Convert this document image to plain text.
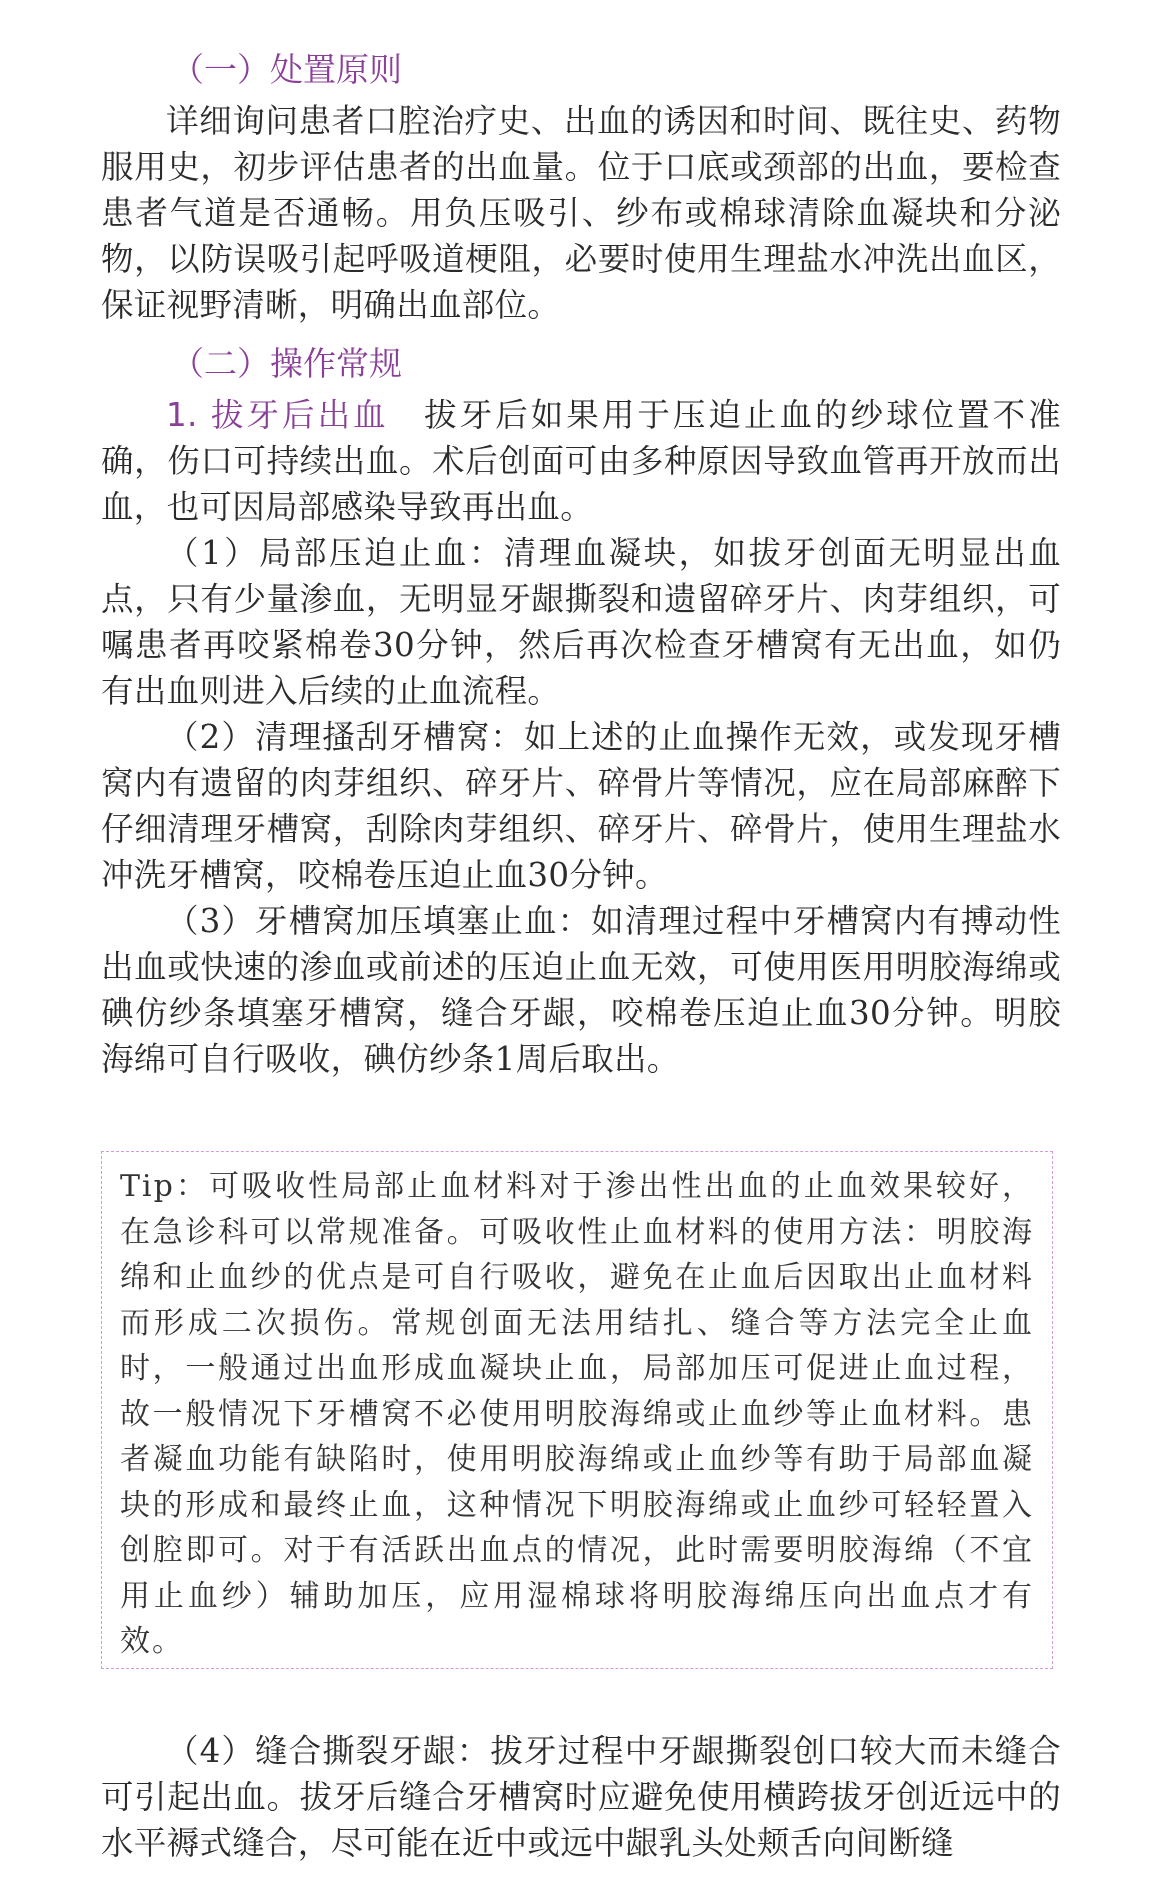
（一）处置原则

详细询问患者口腔治疗史、出血的诱因和时间、既往史、药物服用史，初步评估患者的出血量。位于口底或颈部的出血，要检查患者气道是否通畅。用负压吸引、纱布或棉球清除血凝块和分泌物，以防误吸引起呼吸道梗阻，必要时使用生理盐水冲洗出血区，保证视野清晰，明确出血部位。

（二）操作常规

1. 拔牙后出血　拔牙后如果用于压迫止血的纱球位置不准确，伤口可持续出血。术后创面可由多种原因导致血管再开放而出血，也可因局部感染导致再出血。

（1）局部压迫止血：清理血凝块，如拔牙创面无明显出血点，只有少量渗血，无明显牙龈撕裂和遗留碎牙片、肉芽组织，可嘱患者再咬紧棉卷30分钟，然后再次检查牙槽窝有无出血，如仍有出血则进入后续的止血流程。

（2）清理搔刮牙槽窝：如上述的止血操作无效，或发现牙槽窝内有遗留的肉芽组织、碎牙片、碎骨片等情况，应在局部麻醉下仔细清理牙槽窝，刮除肉芽组织、碎牙片、碎骨片，使用生理盐水冲洗牙槽窝，咬棉卷压迫止血30分钟。

（3）牙槽窝加压填塞止血：如清理过程中牙槽窝内有搏动性出血或快速的渗血或前述的压迫止血无效，可使用医用明胶海绵或碘仿纱条填塞牙槽窝，缝合牙龈，咬棉卷压迫止血30分钟。明胶海绵可自行吸收，碘仿纱条1周后取出。

Tip：可吸收性局部止血材料对于渗出性出血的止血效果较好，在急诊科可以常规准备。可吸收性止血材料的使用方法：明胶海绵和止血纱的优点是可自行吸收，避免在止血后因取出止血材料而形成二次损伤。常规创面无法用结扎、缝合等方法完全止血时，一般通过出血形成血凝块止血，局部加压可促进止血过程，故一般情况下牙槽窝不必使用明胶海绵或止血纱等止血材料。患者凝血功能有缺陷时，使用明胶海绵或止血纱等有助于局部血凝块的形成和最终止血，这种情况下明胶海绵或止血纱可轻轻置入创腔即可。对于有活跃出血点的情况，此时需要明胶海绵（不宜用止血纱）辅助加压，应用湿棉球将明胶海绵压向出血点才有效。

（4）缝合撕裂牙龈：拔牙过程中牙龈撕裂创口较大而未缝合可引起出血。拔牙后缝合牙槽窝时应避免使用横跨拔牙创近远中的水平褥式缝合，尽可能在近中或远中龈乳头处颊舌向间断缝
